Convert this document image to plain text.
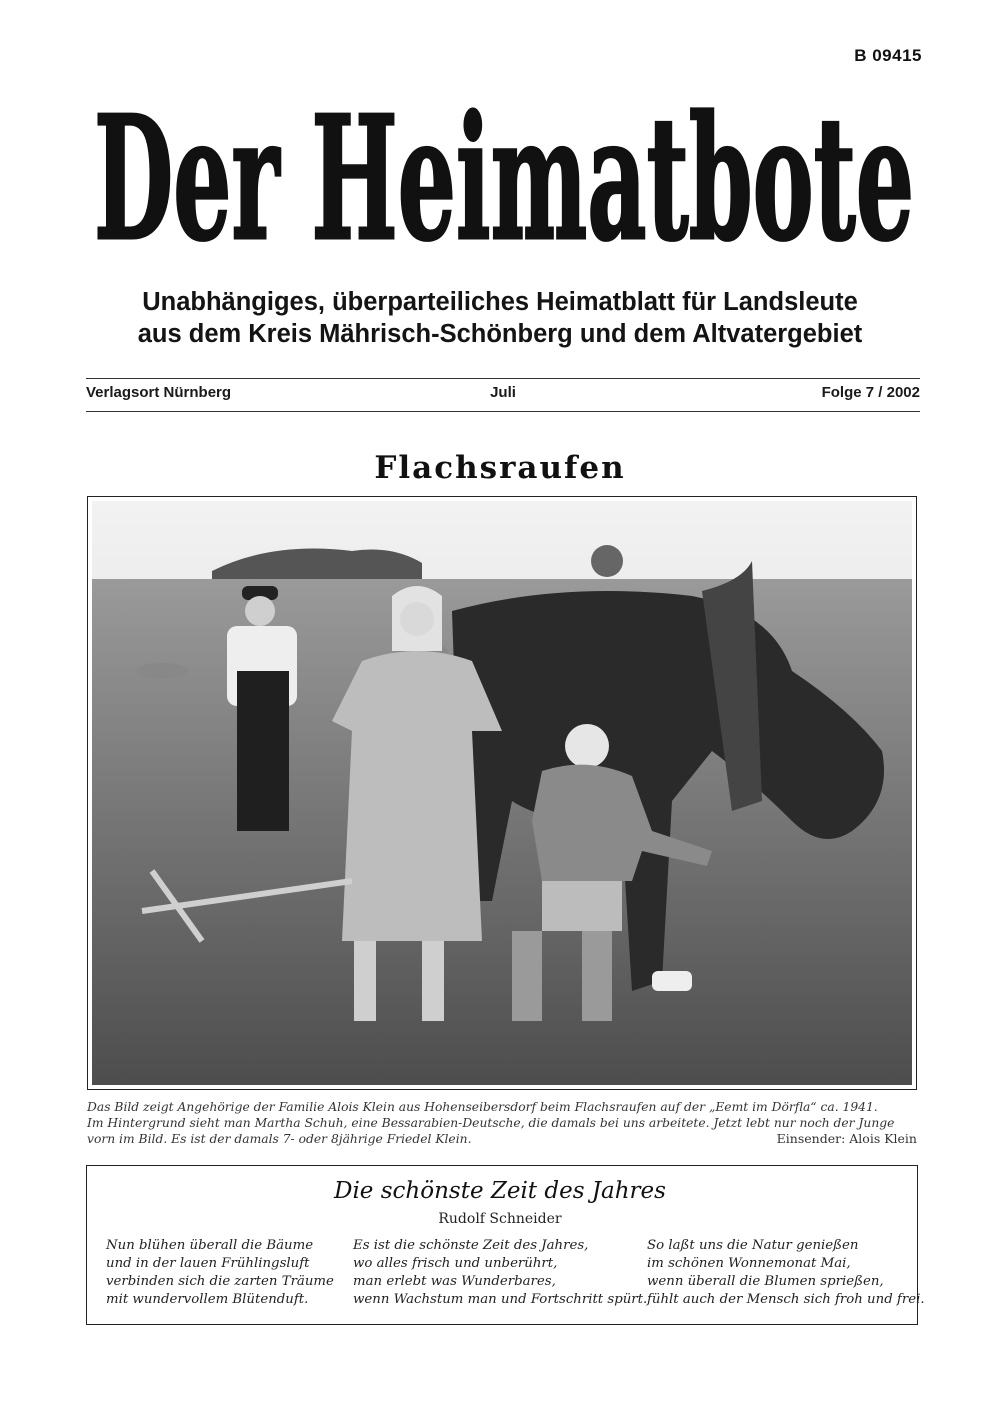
B 09415
Der Heimatbote
Unabhängiges, überparteiliches Heimatblatt für Landsleute
aus dem Kreis Mährisch-Schönberg und dem Altvatergebiet
Verlagsort Nürnberg	Juli	Folge 7 / 2002
Flachsraufen
Das Bild zeigt Angehörige der Familie Alois Klein aus Hohenseibersdorf beim Flachsraufen auf der „Eemt im Dörfla“ ca. 1941.
Im Hintergrund sieht man Martha Schuh, eine Bessarabien-Deutsche, die damals bei uns arbeitete. Jetzt lebt nur noch der Junge
vorn im Bild. Es ist der damals 7- oder 8jährige Friedel Klein.	Einsender: Alois Klein
Die schönste Zeit des Jahres
Rudolf Schneider
Nun blühen überall die Bäume
und in der lauen Frühlingsluft
verbinden sich die zarten Träume
mit wundervollem Blütenduft.
Es ist die schönste Zeit des Jahres,
wo alles frisch und unberührt,
man erlebt was Wunderbares,
wenn Wachstum man und Fortschritt spürt.
So laßt uns die Natur genießen
im schönen Wonnemonat Mai,
wenn überall die Blumen sprießen,
fühlt auch der Mensch sich froh und frei.
